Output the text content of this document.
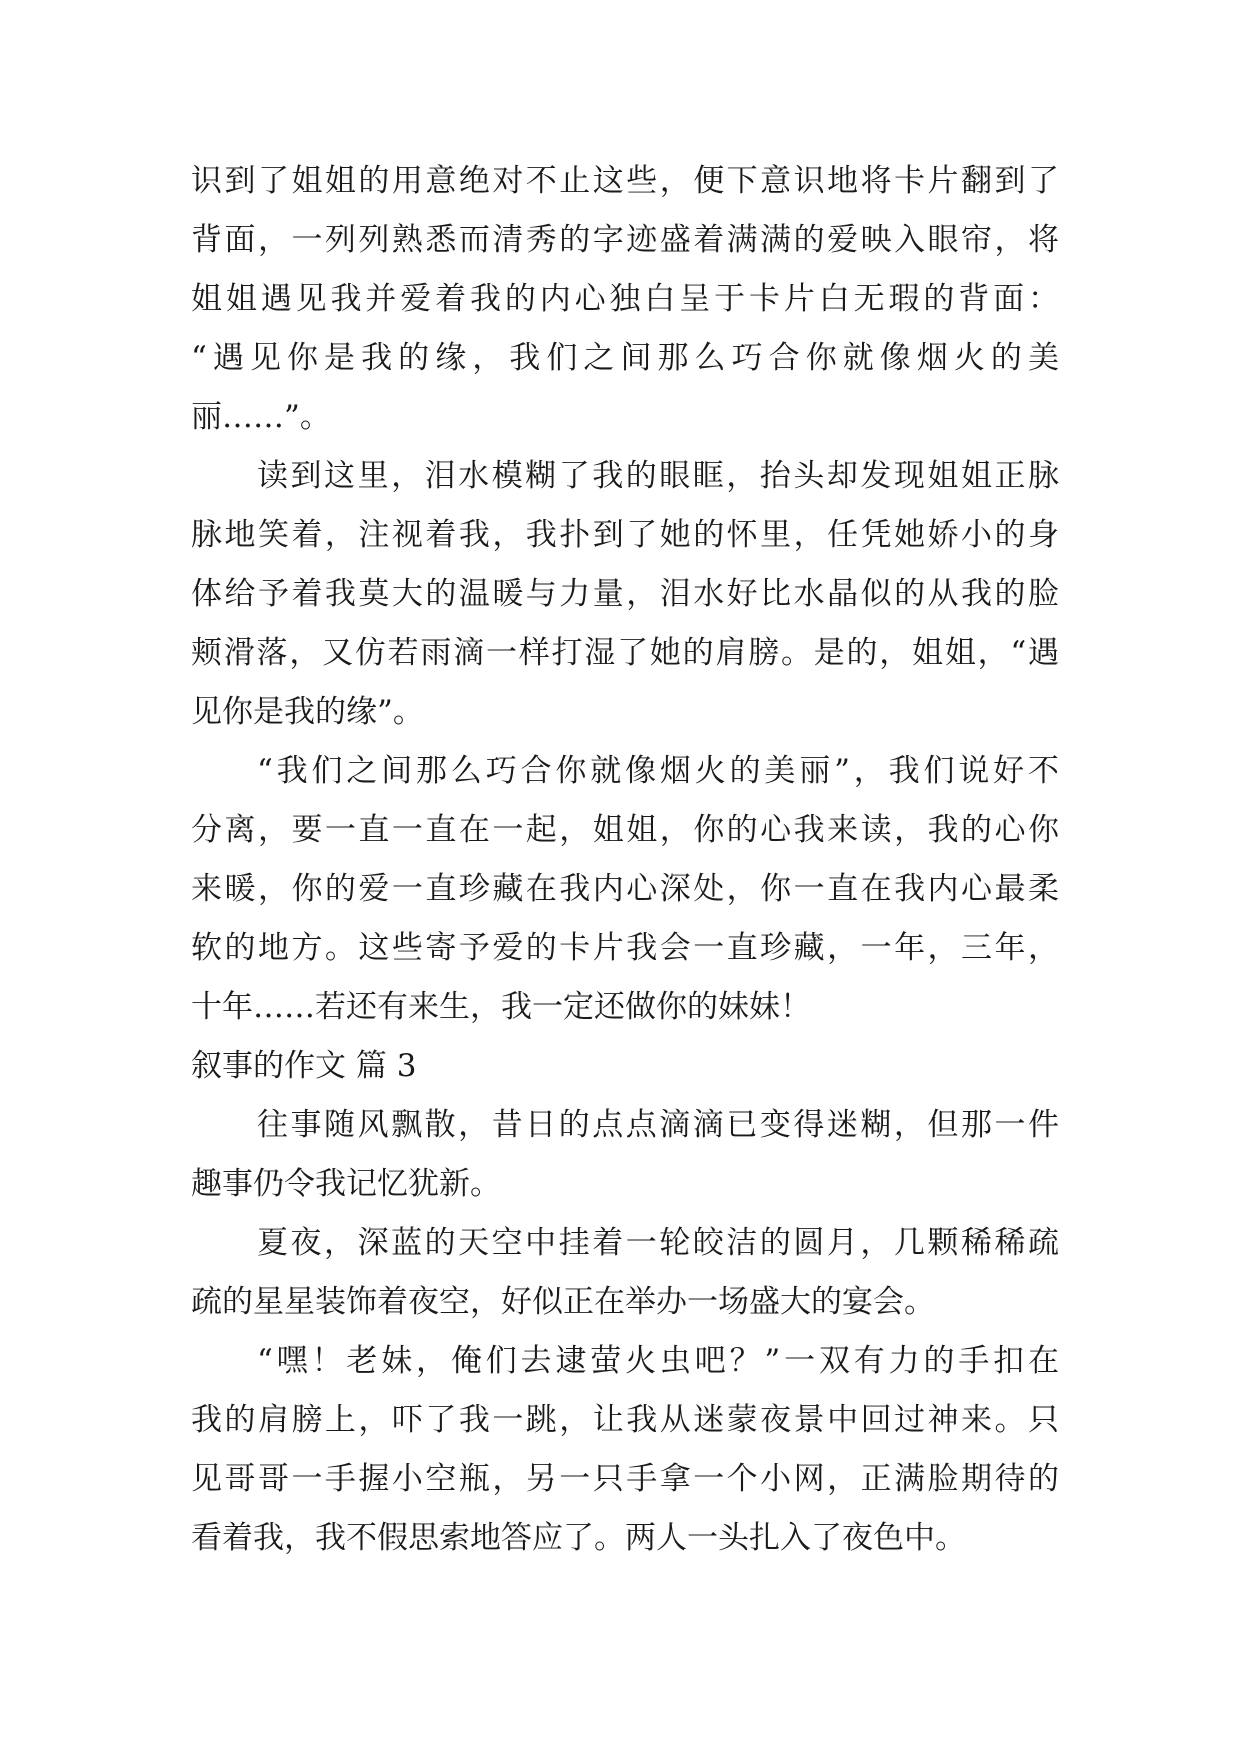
识到了姐姐的用意绝对不止这些，便下意识地将卡片翻到了
背面，一列列熟悉而清秀的字迹盛着满满的爱映入眼帘，将
姐姐遇见我并爱着我的内心独白呈于卡片白无瑕的背面：
“遇见你是我的缘，我们之间那么巧合你就像烟火的美
丽……”。
读到这里，泪水模糊了我的眼眶，抬头却发现姐姐正脉
脉地笑着，注视着我，我扑到了她的怀里，任凭她娇小的身
体给予着我莫大的温暖与力量，泪水好比水晶似的从我的脸
颊滑落，又仿若雨滴一样打湿了她的肩膀。是的，姐姐，“遇
见你是我的缘”。
“我们之间那么巧合你就像烟火的美丽”，我们说好不
分离，要一直一直在一起，姐姐，你的心我来读，我的心你
来暖，你的爱一直珍藏在我内心深处，你一直在我内心最柔
软的地方。这些寄予爱的卡片我会一直珍藏，一年，三年，
十年……若还有来生，我一定还做你的妹妹！
叙事的作文 篇 3
往事随风飘散，昔日的点点滴滴已变得迷糊，但那一件
趣事仍令我记忆犹新。
夏夜，深蓝的天空中挂着一轮皎洁的圆月，几颗稀稀疏
疏的星星装饰着夜空，好似正在举办一场盛大的宴会。
“嘿！老妹，俺们去逮萤火虫吧？”一双有力的手扣在
我的肩膀上，吓了我一跳，让我从迷蒙夜景中回过神来。只
见哥哥一手握小空瓶，另一只手拿一个小网，正满脸期待的
看着我，我不假思索地答应了。两人一头扎入了夜色中。
